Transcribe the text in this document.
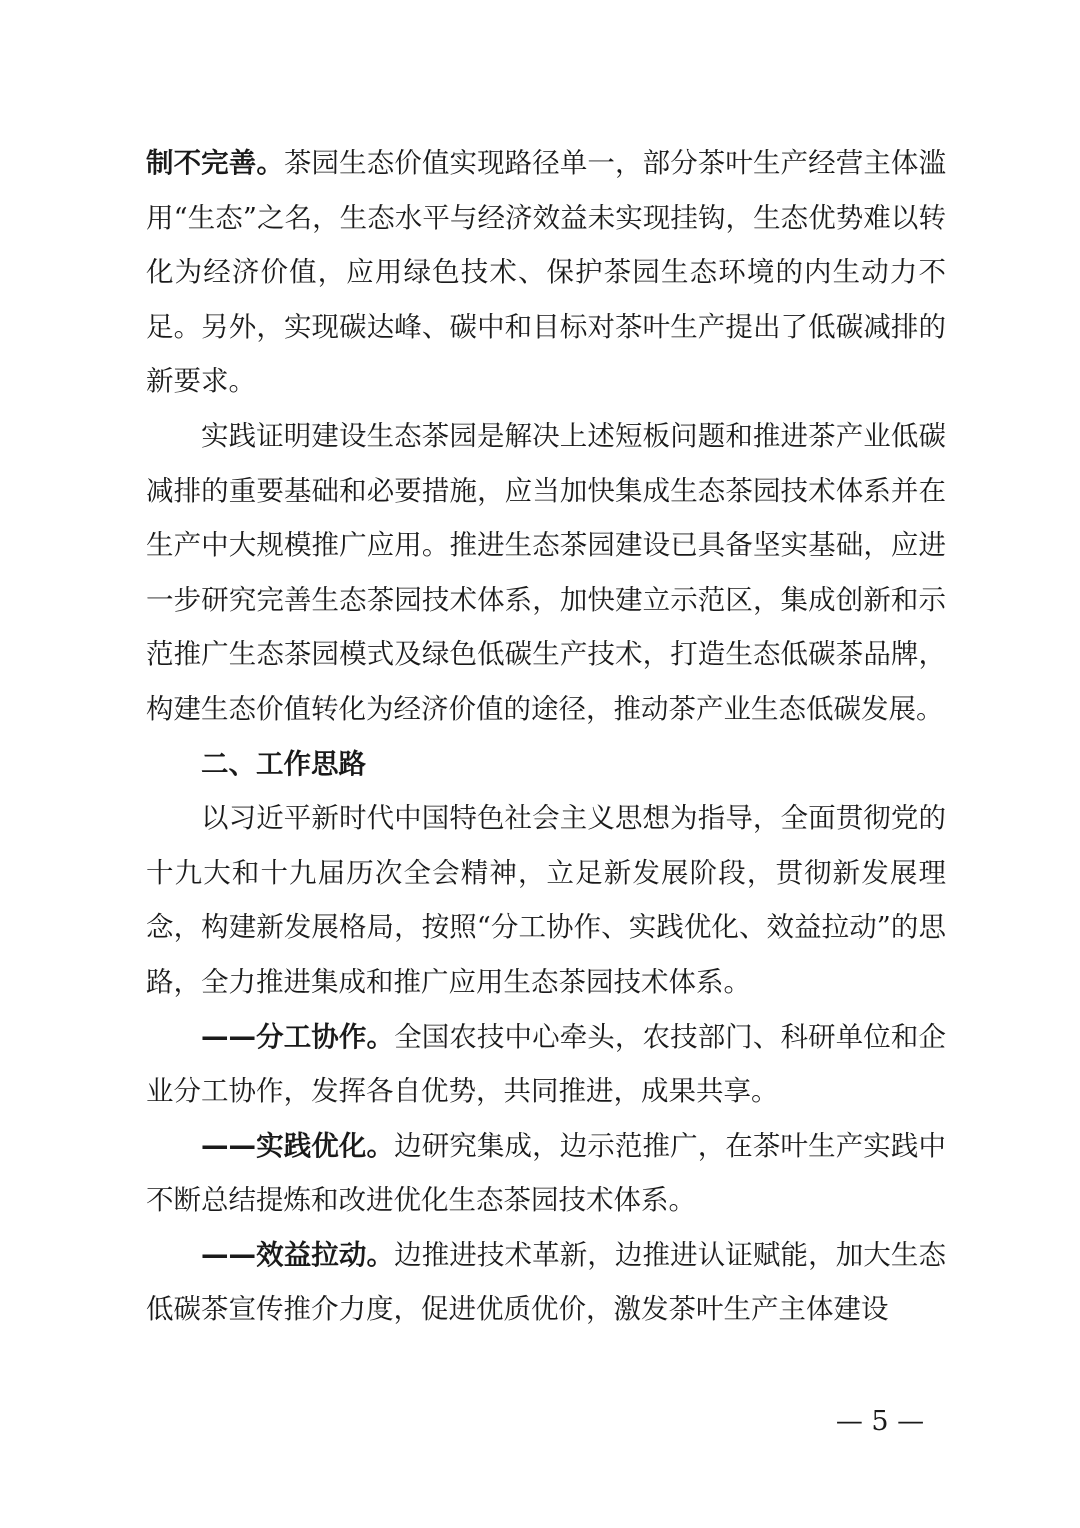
制不完善。茶园生态价值实现路径单一，部分茶叶生产经营主体滥用“生态”之名，生态水平与经济效益未实现挂钩，生态优势难以转化为经济价值，应用绿色技术、保护茶园生态环境的内生动力不足。另外，实现碳达峰、碳中和目标对茶叶生产提出了低碳减排的新要求。

实践证明建设生态茶园是解决上述短板问题和推进茶产业低碳减排的重要基础和必要措施，应当加快集成生态茶园技术体系并在生产中大规模推广应用。推进生态茶园建设已具备坚实基础，应进一步研究完善生态茶园技术体系，加快建立示范区，集成创新和示范推广生态茶园模式及绿色低碳生产技术，打造生态低碳茶品牌，构建生态价值转化为经济价值的途径，推动茶产业生态低碳发展。

二、工作思路

以习近平新时代中国特色社会主义思想为指导，全面贯彻党的十九大和十九届历次全会精神，立足新发展阶段，贯彻新发展理念，构建新发展格局，按照“分工协作、实践优化、效益拉动”的思路，全力推进集成和推广应用生态茶园技术体系。

——分工协作。全国农技中心牵头，农技部门、科研单位和企业分工协作，发挥各自优势，共同推进，成果共享。

——实践优化。边研究集成，边示范推广，在茶叶生产实践中不断总结提炼和改进优化生态茶园技术体系。

——效益拉动。边推进技术革新，边推进认证赋能，加大生态低碳茶宣传推介力度，促进优质优价，激发茶叶生产主体建设

— 5 —
